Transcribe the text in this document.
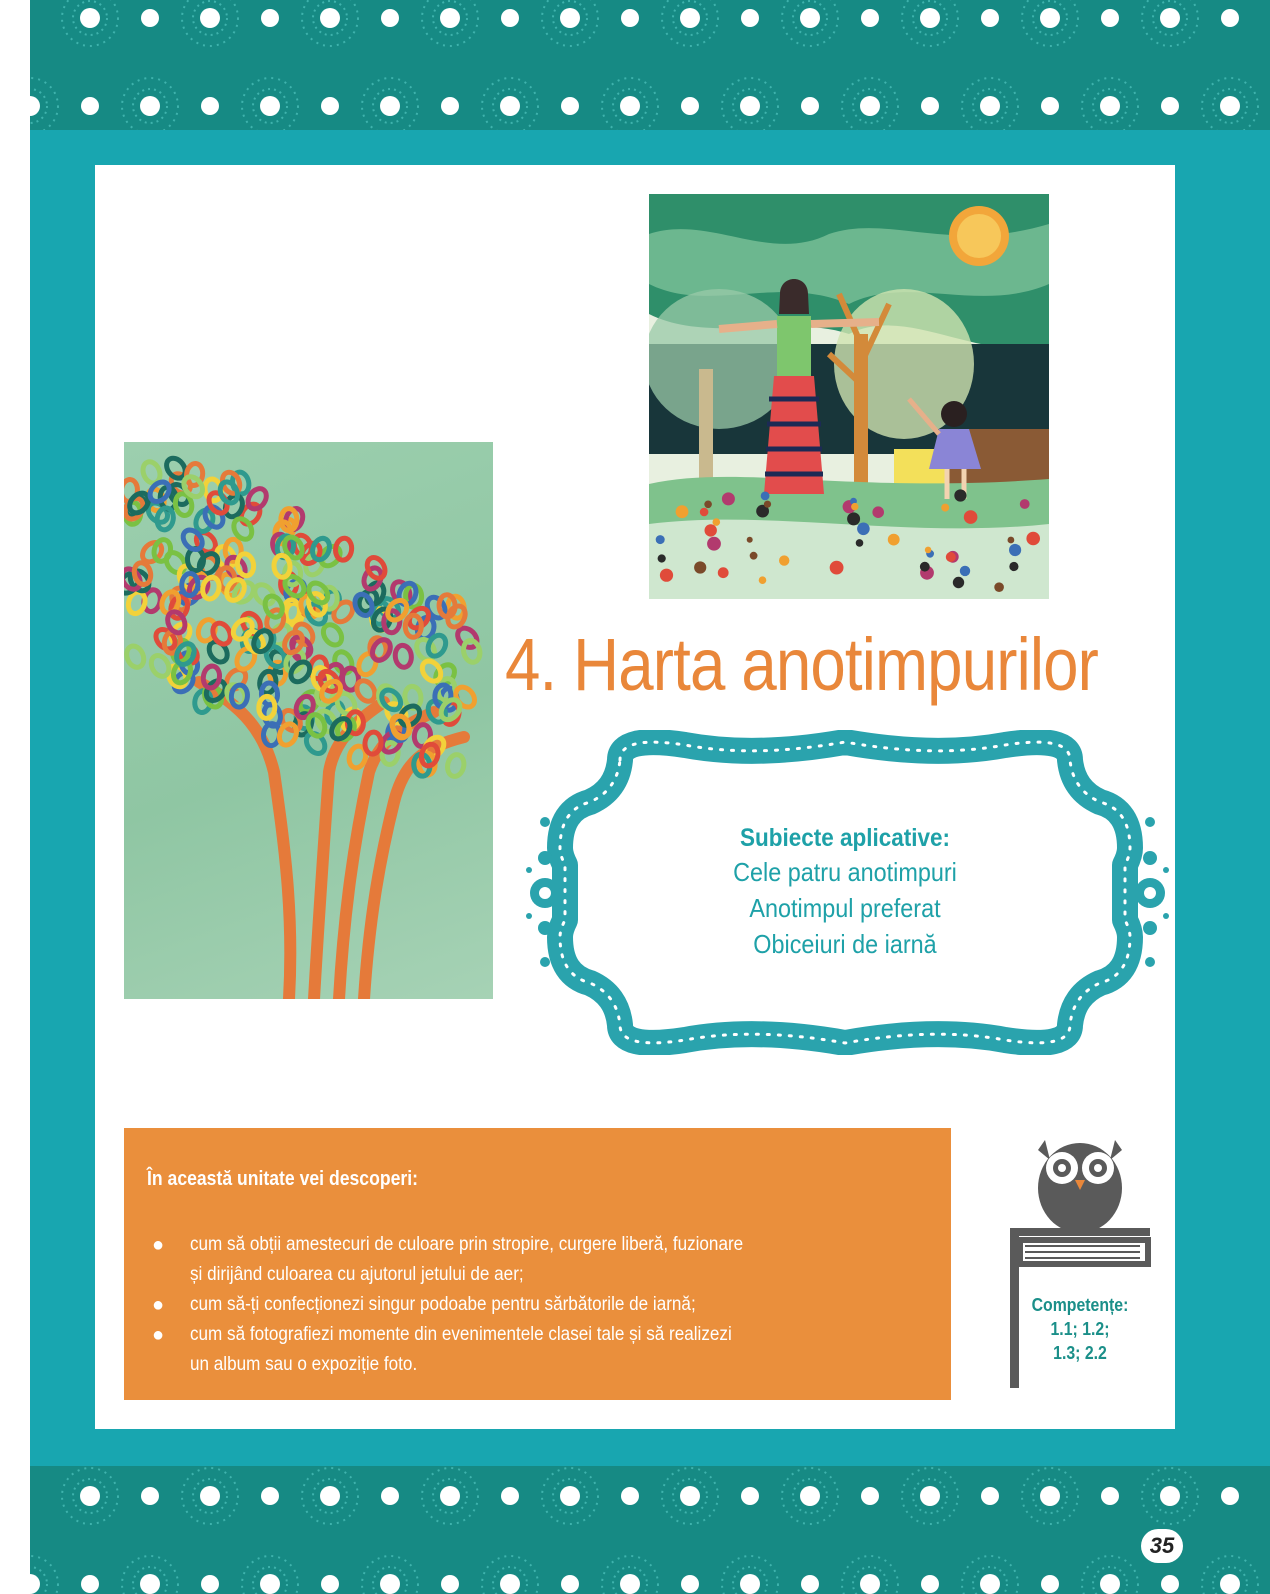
4. Harta anotimpurilor
Subiecte aplicative:
Cele patru anotimpuri
Anotimpul preferat
Obiceiuri de iarnă
În această unitate vei descoperi:
● cum să obții amestecuri de culoare prin stropire, curgere liberă, fuzionare
și dirijând culoarea cu ajutorul jetului de aer;
● cum să-ți confecționezi singur podoabe pentru sărbătorile de iarnă;
● cum să fotografiezi momente din evenimentele clasei tale și să realizezi
un album sau o expoziție foto.
Competențe:
1.1; 1.2;
1.3; 2.2
35
